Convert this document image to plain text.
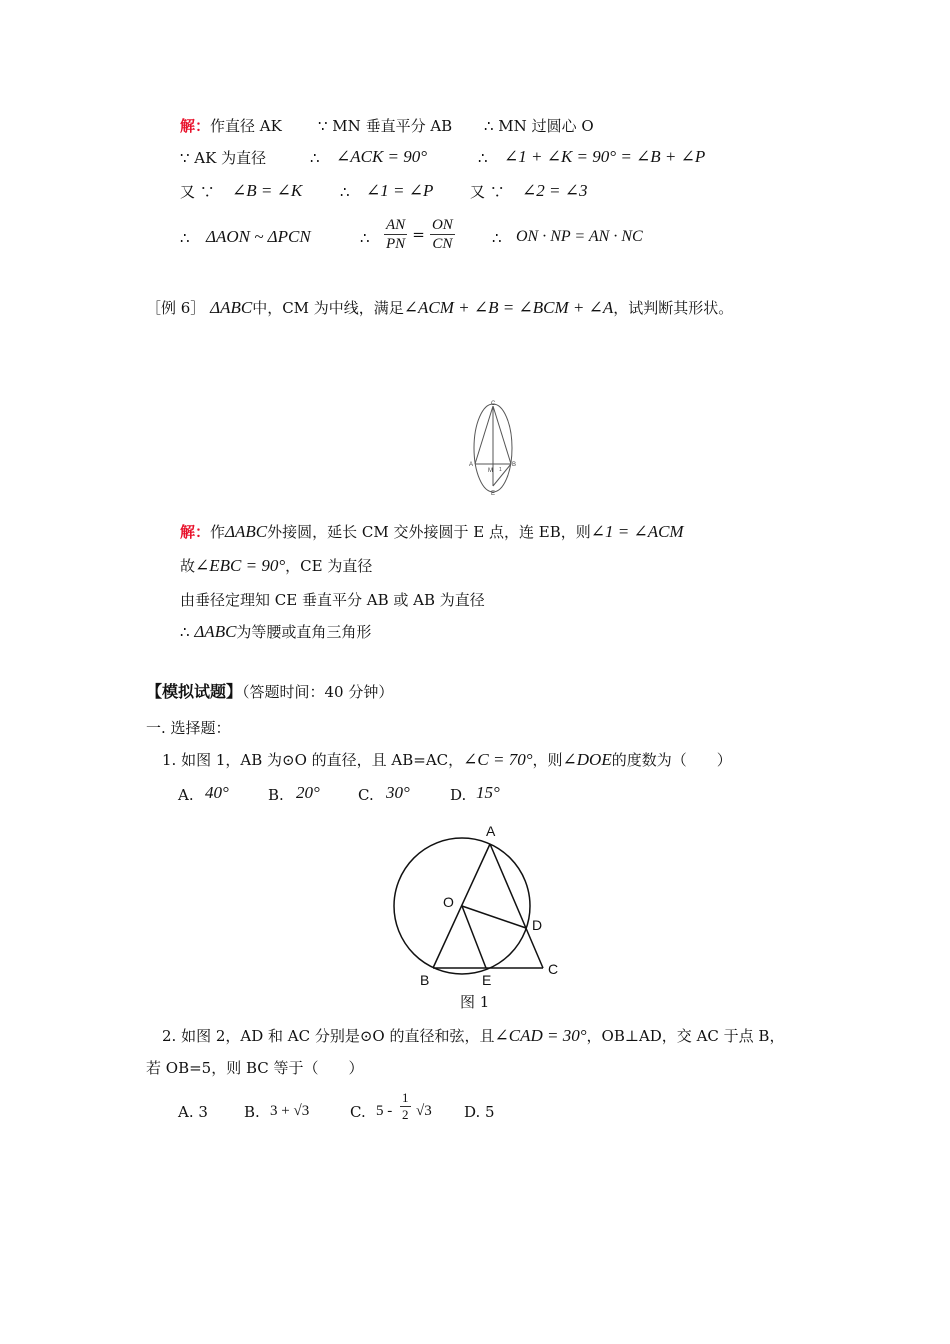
解：作直径 AK ∵ MN 垂直平分 AB ∴ MN 过圆心 O
∵ AK 为直径	∴ ∠ACK = 90°	∴ ∠1 + ∠K = 90° = ∠B + ∠P
又 ∵ ∠B = ∠K	∴ ∠1 = ∠P 又 ∵ ∠2 = ∠3
∴ ΔAON ~ ΔPCN	∴ $\frac{AN}{PN} = \frac{ON}{CN}$ ∴ ON · NP = AN · NC
［例 6］ ΔABC中，CM 为中线，满足∠ACM + ∠B = ∠BCM + ∠A，试判断其形状。
C
A	B
M
E
1
解：作ΔABC外接圆，延长 CM 交外接圆于 E 点，连 EB，则∠1 = ∠ACM
故∠EBC = 90°，CE 为直径
由垂径定理知 CE 垂直平分 AB 或 AB 为直径
∴ ΔABC为等腰或直角三角形
【模拟试题】（答题时间：40 分钟）
一. 选择题：
1. 如图 1，AB 为⊙O 的直径，且 AB=AC，∠C = 70°，则∠DOE的度数为（　　）
A. 40°	B. 20°	C. 30°	D. 15°
A
O
D
B	E
C
图 1
2. 如图 2，AD 和 AC 分别是⊙O 的直径和弦，且∠CAD = 30°，OB⊥AD，交 AC 于点 B，
若 OB=5，则 BC 等于（　　）
A. 3 B. 3 + √3	C. $5 - \frac{1}{2} √3$ D. 5
